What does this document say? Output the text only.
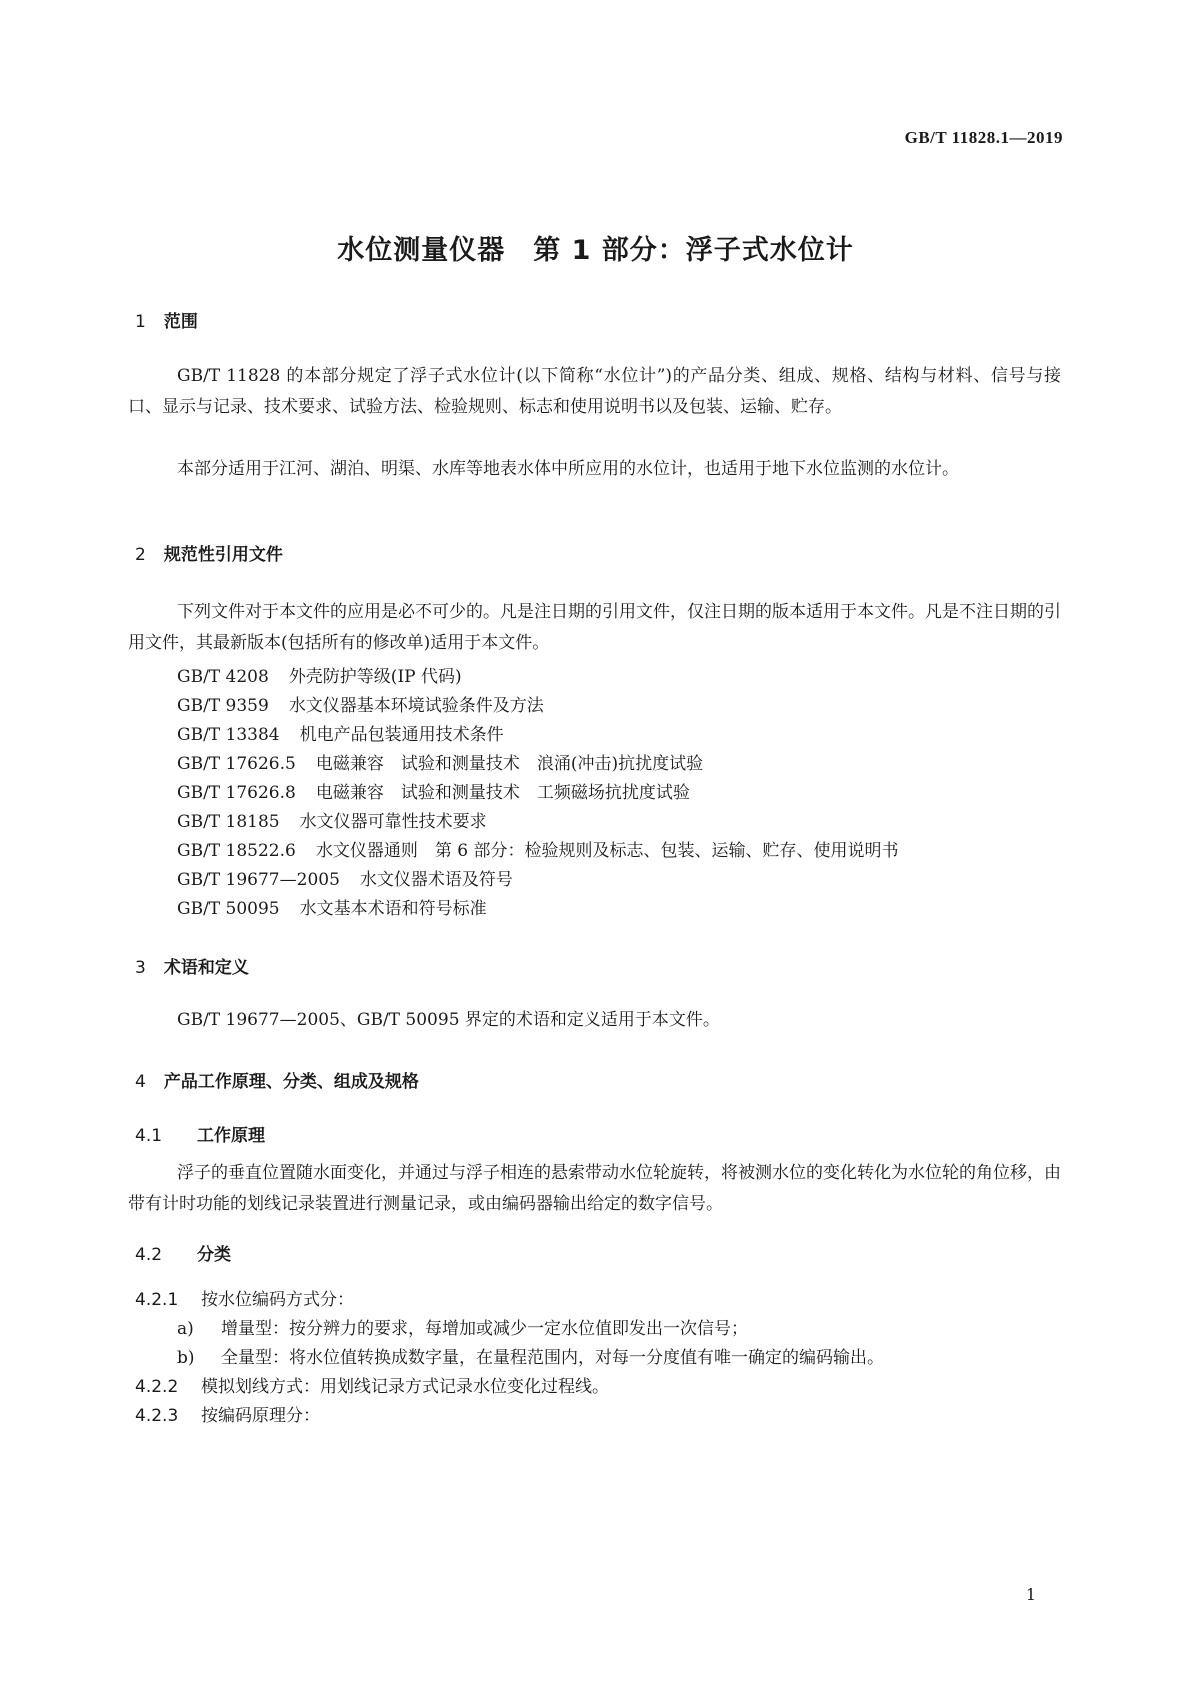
GB/T 11828.1—2019
水位测量仪器　第 1 部分：浮子式水位计
1 范围
GB/T 11828 的本部分规定了浮子式水位计(以下简称“水位计”)的产品分类、组成、规格、结构与材料、信号与接口、显示与记录、技术要求、试验方法、检验规则、标志和使用说明书以及包装、运输、贮存。
本部分适用于江河、湖泊、明渠、水库等地表水体中所应用的水位计，也适用于地下水位监测的水位计。
2 规范性引用文件
下列文件对于本文件的应用是必不可少的。凡是注日期的引用文件，仅注日期的版本适用于本文件。凡是不注日期的引用文件，其最新版本(包括所有的修改单)适用于本文件。
GB/T 4208 外壳防护等级(IP 代码)
GB/T 9359 水文仪器基本环境试验条件及方法
GB/T 13384 机电产品包装通用技术条件
GB/T 17626.5 电磁兼容　试验和测量技术　浪涌(冲击)抗扰度试验
GB/T 17626.8 电磁兼容　试验和测量技术　工频磁场抗扰度试验
GB/T 18185 水文仪器可靠性技术要求
GB/T 18522.6 水文仪器通则　第 6 部分：检验规则及标志、包装、运输、贮存、使用说明书
GB/T 19677—2005 水文仪器术语及符号
GB/T 50095 水文基本术语和符号标准
3 术语和定义
GB/T 19677—2005、GB/T 50095 界定的术语和定义适用于本文件。
4 产品工作原理、分类、组成及规格
4.1 工作原理
浮子的垂直位置随水面变化，并通过与浮子相连的悬索带动水位轮旋转，将被测水位的变化转化为水位轮的角位移，由带有计时功能的划线记录装置进行测量记录，或由编码器输出给定的数字信号。
4.2 分类
4.2.1 按水位编码方式分：
a) 增量型：按分辨力的要求，每增加或减少一定水位值即发出一次信号；
b) 全量型：将水位值转换成数字量，在量程范围内，对每一分度值有唯一确定的编码输出。
4.2.2 模拟划线方式：用划线记录方式记录水位变化过程线。
4.2.3 按编码原理分：
1
